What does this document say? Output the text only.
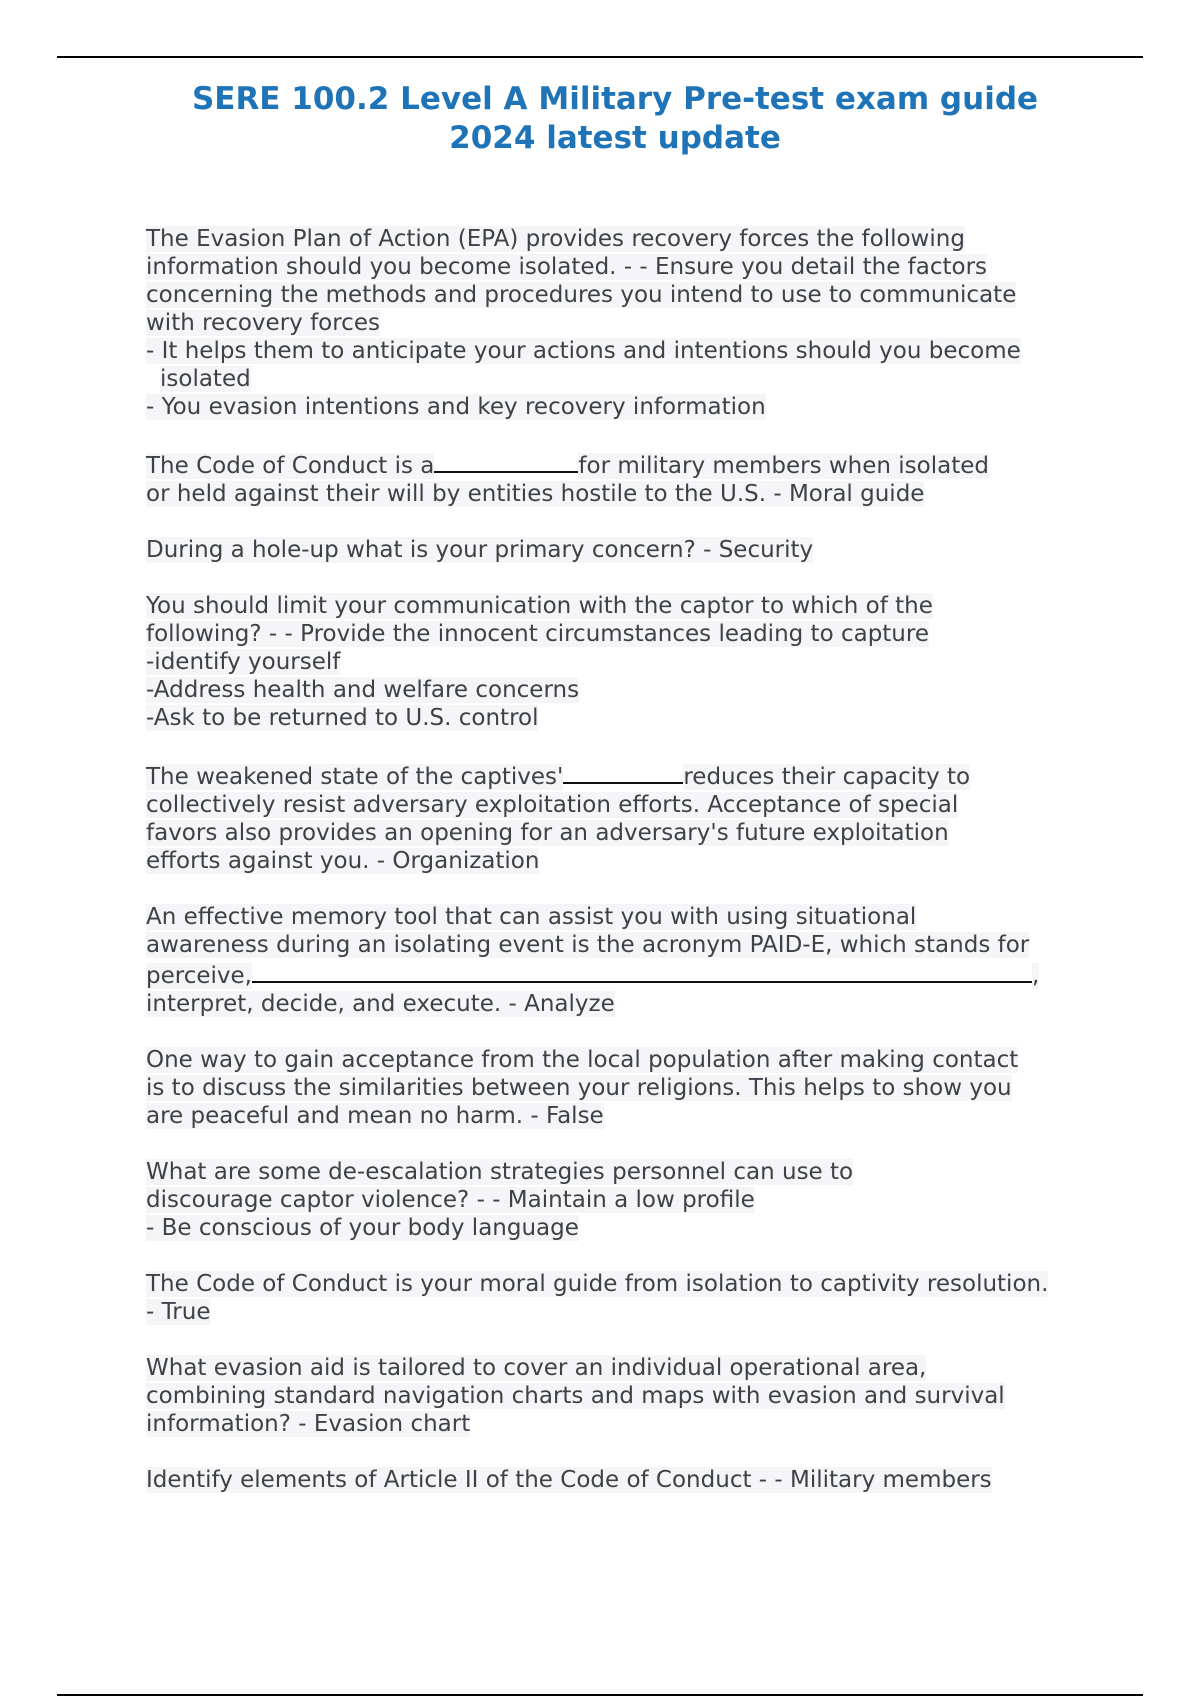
SERE 100.2 Level A Military Pre-test exam guide
2024 latest update
The Evasion Plan of Action (EPA) provides recovery forces the following
information should you become isolated. - - Ensure you detail the factors
concerning the methods and procedures you intend to use to communicate
with recovery forces
- It helps them to anticipate your actions and intentions should you become
isolated
- You evasion intentions and key recovery information
The Code of Conduct is a	for military members when isolated
or held against their will by entities hostile to the U.S. - Moral guide
During a hole-up what is your primary concern? - Security
You should limit your communication with the captor to which of the
following? - - Provide the innocent circumstances leading to capture
-identify yourself
-Address health and welfare concerns
-Ask to be returned to U.S. control
The weakened state of the captives'	reduces their capacity to
collectively resist adversary exploitation efforts. Acceptance of special
favors also provides an opening for an adversary's future exploitation
efforts against you. - Organization
An effective memory tool that can assist you with using situational
awareness during an isolating event is the acronym PAID-E, which stands for
perceive,	,
interpret, decide, and execute. - Analyze
One way to gain acceptance from the local population after making contact
is to discuss the similarities between your religions. This helps to show you
are peaceful and mean no harm. - False
What are some de-escalation strategies personnel can use to
discourage captor violence? - - Maintain a low profile
- Be conscious of your body language
The Code of Conduct is your moral guide from isolation to captivity resolution.
- True
What evasion aid is tailored to cover an individual operational area,
combining standard navigation charts and maps with evasion and survival
information? - Evasion chart
Identify elements of Article II of the Code of Conduct - - Military members
